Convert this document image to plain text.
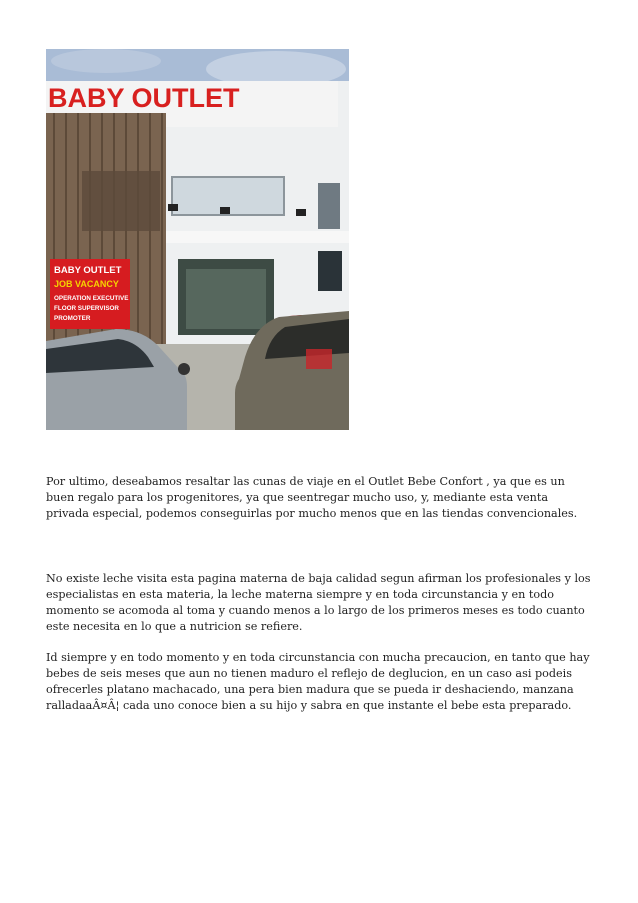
BABY OUTLET
BABY OUTLET
JOB VACANCY
OPERATION EXECUTIVE
FLOOR SUPERVISOR
PROMOTER

Por ultimo, deseabamos resaltar las cunas de viaje en el Outlet Bebe Confort , ya que es un buen regalo para los progenitores, ya que seentregar mucho uso, y, mediante esta venta privada especial, podemos conseguirlas por mucho menos que en las tiendas convencionales.

No existe leche visita esta pagina materna de baja calidad segun afirman los profesionales y los especialistas en esta materia, la leche materna siempre y en toda circunstancia y en todo momento se acomoda al toma y cuando menos a lo largo de los primeros meses es todo cuanto este necesita en lo que a nutricion se refiere.

Id siempre y en todo momento y en toda circunstancia con mucha precaucion, en tanto que hay bebes de seis meses que aun no tienen maduro el reflejo de deglucion, en un caso asi podeis ofrecerles platano machacado, una pera bien madura que se pueda ir deshaciendo, manzana ralladaaÂ¤Â¦ cada uno conoce bien a su hijo y sabra en que instante el bebe esta preparado.
